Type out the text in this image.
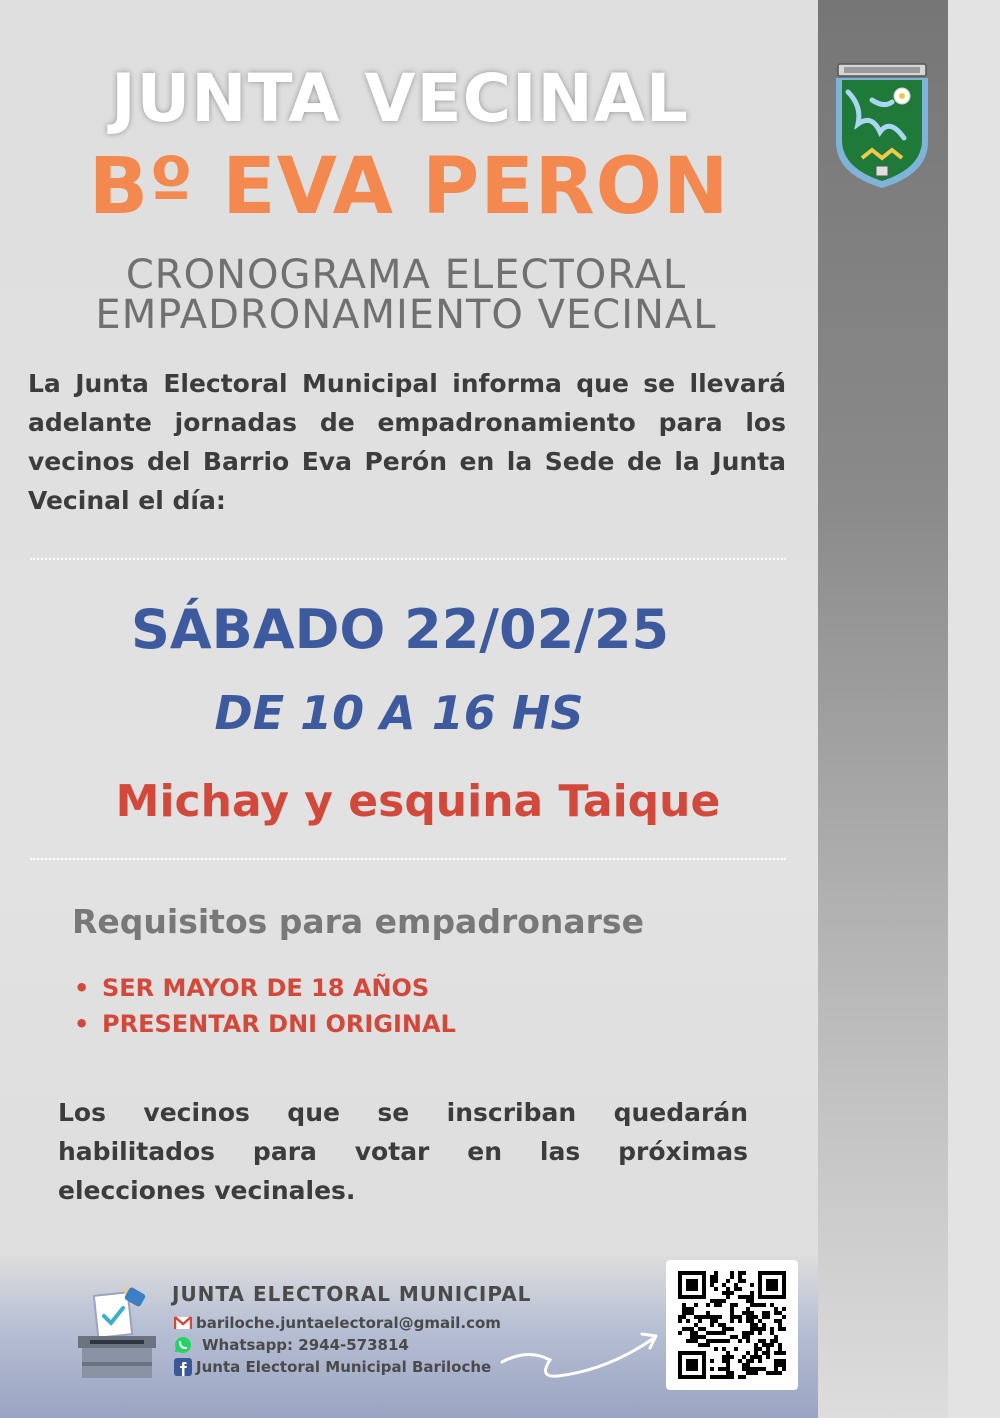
JUNTA VECINAL
Bº EVA PERON
CRONOGRAMA ELECTORAL
EMPADRONAMIENTO VECINAL
La Junta Electoral Municipal informa que se llevará adelante jornadas de empadronamiento para los vecinos del Barrio Eva Perón en la Sede de la Junta Vecinal el día:
SÁBADO 22/02/25
DE 10 A 16 HS
Michay y esquina Taique
Requisitos para empadronarse
• SER MAYOR DE 18 AÑOS
• PRESENTAR DNI ORIGINAL
Los vecinos que se inscriban quedarán habilitados para votar en las próximas elecciones vecinales.
JUNTA ELECTORAL MUNICIPAL
bariloche.juntaelectoral@gmail.com
Whatsapp: 2944-573814
Junta Electoral Municipal Bariloche
